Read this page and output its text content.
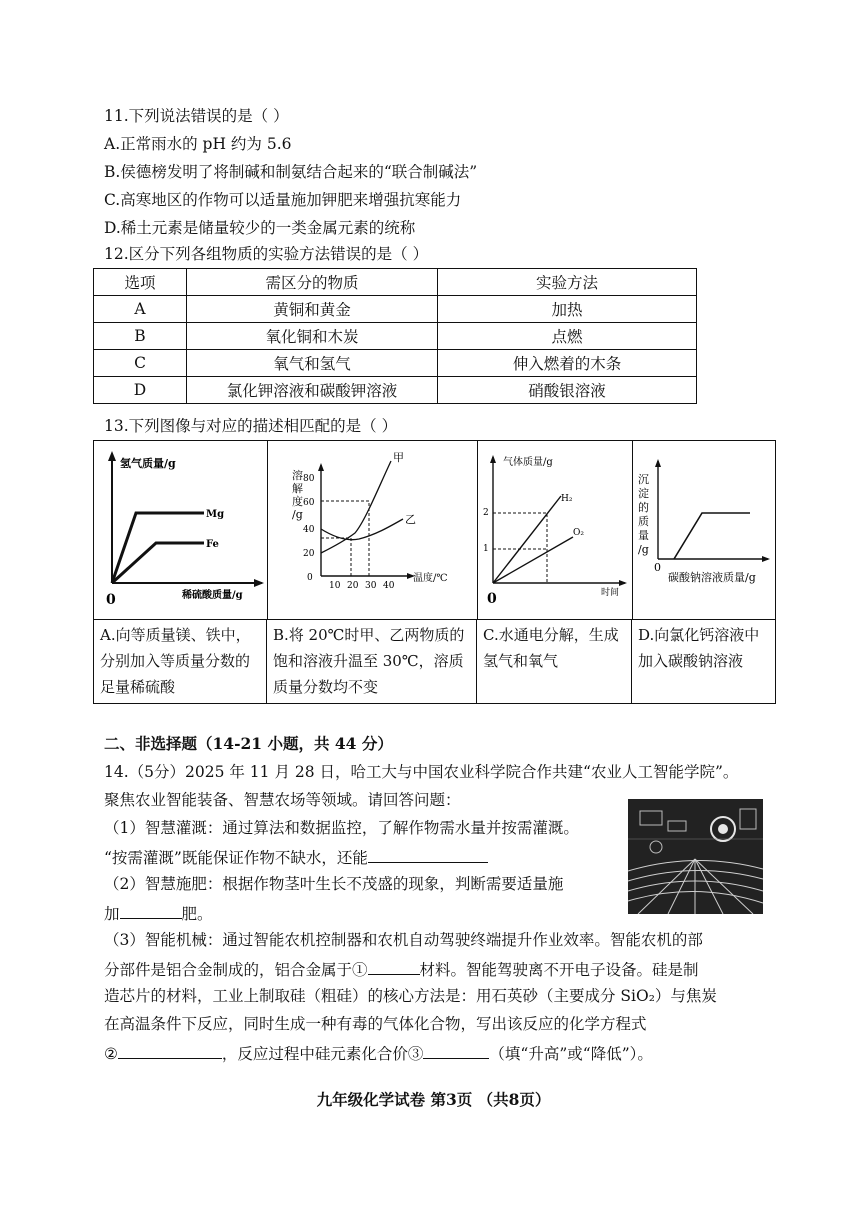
11.下列说法错误的是（ ）
A.正常雨水的 pH 约为 5.6
B.侯德榜发明了将制碱和制氨结合起来的“联合制碱法”
C.高寒地区的作物可以适量施加钾肥来增强抗寒能力
D.稀土元素是储量较少的一类金属元素的统称
12.区分下列各组物质的实验方法错误的是（ ）
选项	需区分的物质	实验方法
A	黄铜和黄金	加热
B	氧化铜和木炭	点燃
C	氧气和氢气	伸入燃着的木条
D	氯化钾溶液和碳酸钾溶液	硝酸银溶液
13.下列图像与对应的描述相匹配的是（ ）
氢气质量/g
Mg
Fe
0	稀硫酸质量/g
溶
解
度
/g
80
60
40
20
0
10 20 30 40
甲
乙
温度/℃
气体质量/g
2
1
H₂
O₂
0	时间
沉
淀
的
质
量
/g
0
碳酸钠溶液质量/g
A.向等质量镁、铁中，分别加入等质量分数的足量稀硫酸
B.将 20℃时甲、乙两物质的饱和溶液升温至 30℃，溶质质量分数均不变
C.水通电分解，生成氢气和氧气
D.向氯化钙溶液中加入碳酸钠溶液
二、非选择题（14-21 小题，共 44 分）
14.（5分）2025 年 11 月 28 日，哈工大与中国农业科学院合作共建“农业人工智能学院”。
聚焦农业智能装备、智慧农场等领域。请回答问题：
（1）智慧灌溉：通过算法和数据监控，了解作物需水量并按需灌溉。
“按需灌溉”既能保证作物不缺水，还能
（2）智慧施肥：根据作物茎叶生长不茂盛的现象，判断需要适量施
加	肥。
（3）智能机械：通过智能农机控制器和农机自动驾驶终端提升作业效率。智能农机的部
分部件是铝合金制成的，铝合金属于①	材料。智能驾驶离不开电子设备。硅是制
造芯片的材料，工业上制取硅（粗硅）的核心方法是：用石英砂（主要成分 SiO₂）与焦炭
在高温条件下反应，同时生成一种有毒的气体化合物，写出该反应的化学方程式
②	，反应过程中硅元素化合价③	（填“升高”或“降低”）。
九年级化学试卷 第3页 （共8页）
